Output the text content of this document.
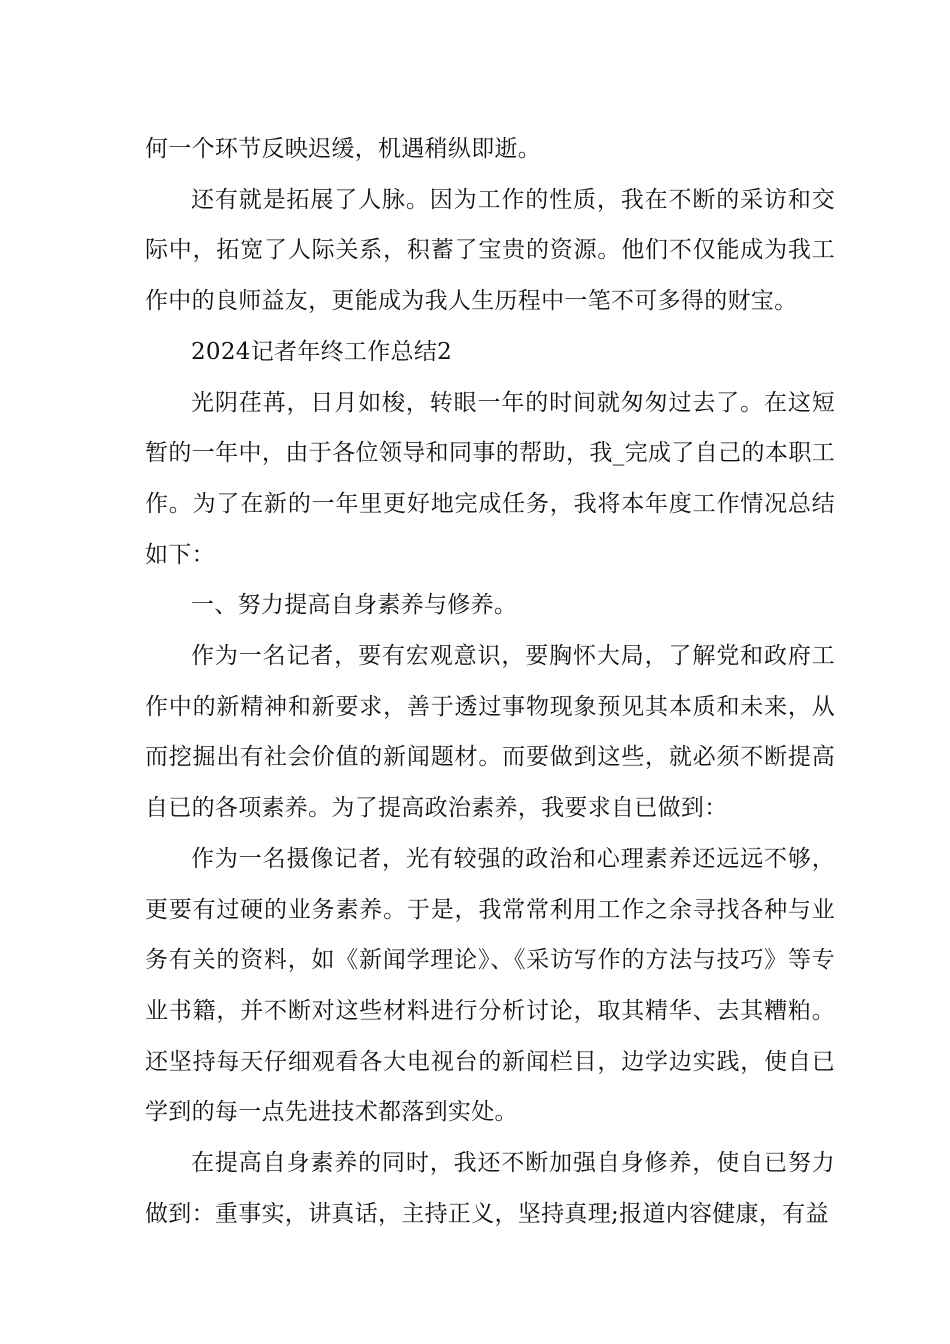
何一个环节反映迟缓，机遇稍纵即逝。

还有就是拓展了人脉。因为工作的性质，我在不断的采访和交际中，拓宽了人际关系，积蓄了宝贵的资源。他们不仅能成为我工作中的良师益友，更能成为我人生历程中一笔不可多得的财宝。

2024记者年终工作总结2

光阴荏苒，日月如梭，转眼一年的时间就匆匆过去了。在这短暂的一年中，由于各位领导和同事的帮助，我_完成了自己的本职工作。为了在新的一年里更好地完成任务，我将本年度工作情况总结如下：

一、努力提高自身素养与修养。

作为一名记者，要有宏观意识，要胸怀大局，了解党和政府工作中的新精神和新要求，善于透过事物现象预见其本质和未来，从而挖掘出有社会价值的新闻题材。而要做到这些，就必须不断提高自已的各项素养。为了提高政治素养，我要求自已做到：

作为一名摄像记者，光有较强的政治和心理素养还远远不够，更要有过硬的业务素养。于是，我常常利用工作之余寻找各种与业务有关的资料，如《新闻学理论》、《采访写作的方法与技巧》等专业书籍，并不断对这些材料进行分析讨论，取其精华、去其糟粕。还坚持每天仔细观看各大电视台的新闻栏目，边学边实践，使自已学到的每一点先进技术都落到实处。

在提高自身素养的同时，我还不断加强自身修养，使自已努力做到：重事实，讲真话，主持正义，坚持真理;报道内容健康，有益
